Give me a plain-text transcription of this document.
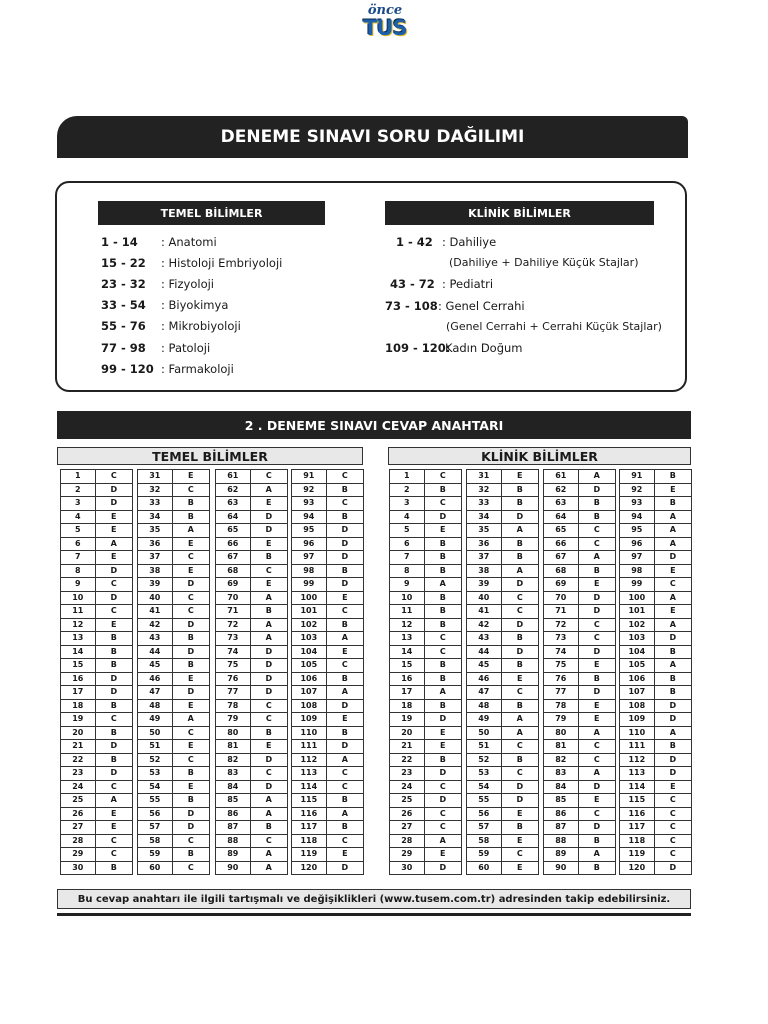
önce
TUS
DENEME SINAVI SORU DAĞILIMI
TEMEL BİLİMLER	KLİNİK BİLİMLER
1 - 14 : Anatomi
15 - 22 : Histoloji Embriyoloji
23 - 32 : Fizyoloji
33 - 54 : Biyokimya
55 - 76 : Mikrobiyoloji
77 - 98 : Patoloji
99 - 120 : Farmakoloji
1 - 42 : Dahiliye
(Dahiliye + Dahiliye Küçük Stajlar)
43 - 72 : Pediatri
73 - 108 : Genel Cerrahi
(Genel Cerrahi + Cerrahi Küçük Stajlar)
109 - 120:
Kadın Doğum
2 . DENEME SINAVI CEVAP ANAHTARI
TEMEL BİLİMLER	KLİNİK BİLİMLER
1	C
2	D
3	D
4	E
5	E
6	A
7	E
8	D
9	C
10	D
11	C
12	E
13	B
14	B
15	B
16	D
17	D
18	B
19	C
20	B
21	D
22	B
23	D
24	C
25	A
26	E
27	E
28	C
29	C
30	B
31	E
32	C
33	B
34	B
35	A
36	E
37	C
38	E
39	D
40	C
41	C
42	D
43	B
44	D
45	B
46	E
47	D
48	E
49	A
50	C
51	E
52	C
53	B
54	E
55	B
56	D
57	D
58	C
59	B
60	C
61	C
62	A
63	E
64	D
65	D
66	E
67	B
68	C
69	E
70	A
71	B
72	A
73	A
74	D
75	D
76	D
77	D
78	C
79	C
80	B
81	E
82	D
83	C
84	D
85	A
86	A
87	B
88	C
89	A
90	A
91	C
92	B
93	C
94	B
95	D
96	D
97	D
98	B
99	D
100	E
101	C
102	B
103	A
104	E
105	C
106	B
107	A
108	D
109	E
110	B
111	D
112	A
113	C
114	C
115	B
116	A
117	B
118	C
119	E
120	D
1	C
2	B
3	C
4	D
5	E
6	B
7	B
8	B
9	A
10	B
11	B
12	B
13	C
14	C
15	B
16	B
17	A
18	B
19	D
20	E
21	E
22	B
23	D
24	C
25	D
26	C
27	C
28	A
29	E
30	D
31	E
32	B
33	B
34	D
35	A
36	B
37	B
38	A
39	D
40	C
41	C
42	D
43	B
44	D
45	B
46	E
47	C
48	B
49	A
50	A
51	C
52	B
53	C
54	D
55	D
56	E
57	B
58	E
59	C
60	E
61	A
62	D
63	B
64	B
65	C
66	C
67	A
68	B
69	E
70	D
71	D
72	C
73	C
74	D
75	E
76	B
77	D
78	E
79	E
80	A
81	C
82	C
83	A
84	D
85	E
86	C
87	D
88	B
89	A
90	B
91	B
92	E
93	B
94	A
95	A
96	A
97	D
98	E
99	C
100	A
101	E
102	A
103	D
104	B
105	A
106	B
107	B
108	D
109	D
110	A
111	B
112	D
113	D
114	E
115	C
116	C
117	C
118	C
119	C
120	D
Bu cevap anahtarı ile ilgili tartışmalı ve değişiklikleri (www.tusem.com.tr) adresinden takip edebilirsiniz.
